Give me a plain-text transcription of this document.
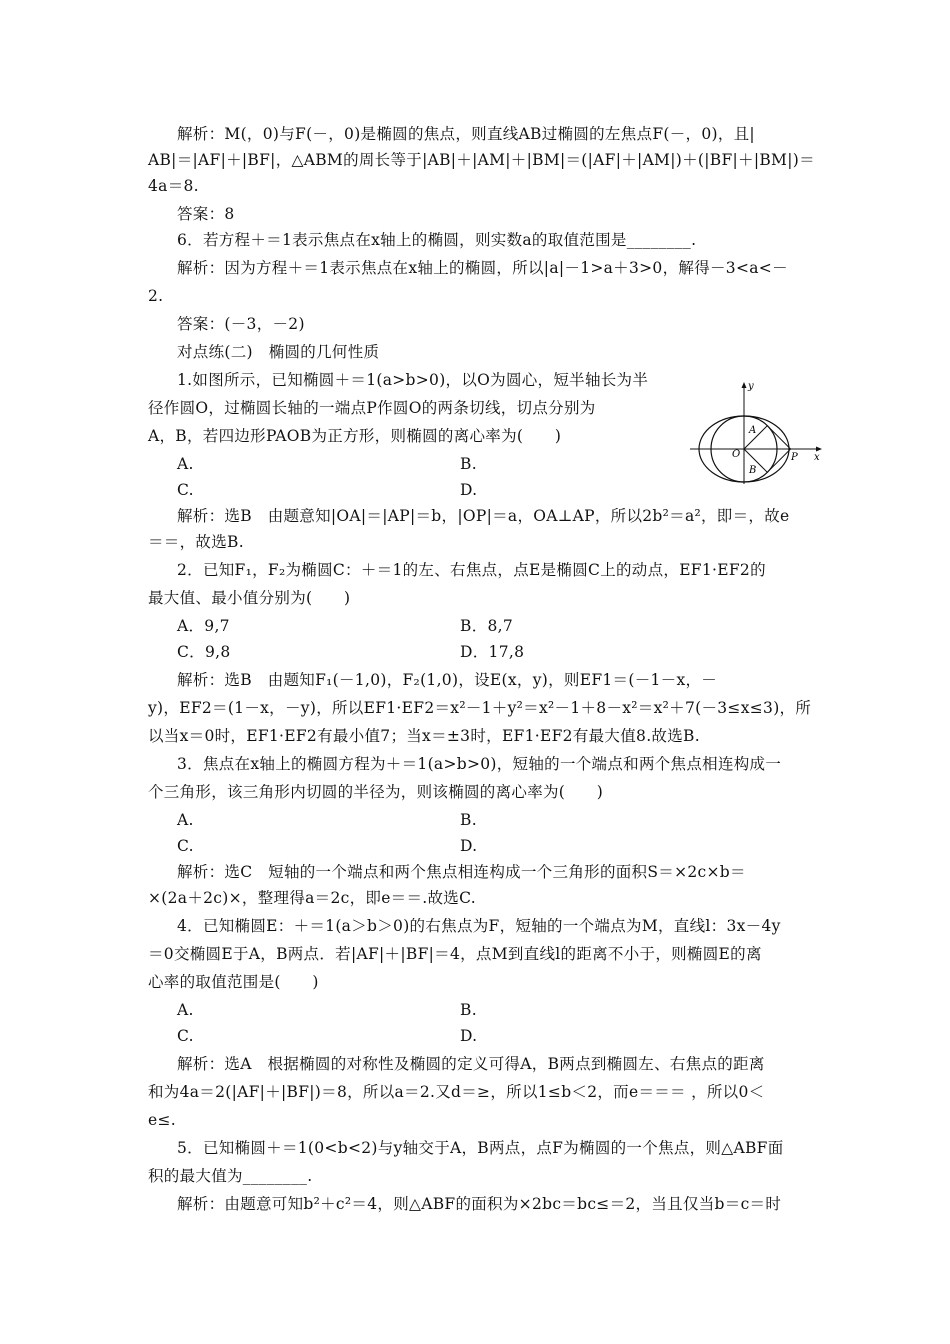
解析：M(，0)与F(－，0)是椭圆的焦点，则直线AB过椭圆的左焦点F(－，0)，且|
AB|＝|AF|＋|BF|，△ABM的周长等于|AB|＋|AM|＋|BM|＝(|AF|＋|AM|)＋(|BF|＋|BM|)＝
4a＝8.
答案：8
6．若方程＋＝1表示焦点在x轴上的椭圆，则实数a的取值范围是________.
解析：因为方程＋＝1表示焦点在x轴上的椭圆，所以|a|－1>a＋3>0，解得－3<a<－
2.
答案：(－3，－2)
对点练(二)　椭圆的几何性质
1.如图所示，已知椭圆＋＝1(a>b>0)，以O为圆心，短半轴长为半
径作圆O，过椭圆长轴的一端点P作圆O的两条切线，切点分别为
A，B，若四边形PAOB为正方形，则椭圆的离心率为(　　)
A.
C.
解析：选B　由题意知|OA|＝|AP|＝b，|OP|＝a，OA⊥AP，所以2b²＝a²，即＝，故e
＝＝，故选B.
2．已知F₁，F₂为椭圆C：＋＝1的左、右焦点，点E是椭圆C上的动点，EF1·EF2的
最大值、最小值分别为(　　)
A．9,7
C．9,8
解析：选B　由题知F₁(－1,0)，F₂(1,0)，设E(x，y)，则EF1＝(－1－x，－
y)，EF2＝(1－x，－y)，所以EF1·EF2＝x²－1＋y²＝x²－1＋8－x²＝x²＋7(－3≤x≤3)，所
以当x＝0时，EF1·EF2有最小值7；当x＝±3时，EF1·EF2有最大值8.故选B.
3．焦点在x轴上的椭圆方程为＋＝1(a>b>0)，短轴的一个端点和两个焦点相连构成一
个三角形，该三角形内切圆的半径为，则该椭圆的离心率为(　　)
A.
C.
解析：选C　短轴的一个端点和两个焦点相连构成一个三角形的面积S＝×2c×b＝
×(2a＋2c)×，整理得a＝2c，即e＝＝.故选C.
4．已知椭圆E：＋＝1(a＞b＞0)的右焦点为F，短轴的一个端点为M，直线l：3x－4y
＝0交椭圆E于A，B两点．若|AF|＋|BF|＝4，点M到直线l的距离不小于，则椭圆E的离
心率的取值范围是(　　)
A.
C.
解析：选A　根据椭圆的对称性及椭圆的定义可得A，B两点到椭圆左、右焦点的距离
和为4a＝2(|AF|＋|BF|)＝8，所以a＝2.又d＝≥，所以1≤b＜2，而e＝＝＝ ，所以0＜
e≤.
5．已知椭圆＋＝1(0<b<2)与y轴交于A，B两点，点F为椭圆的一个焦点，则△ABF面
积的最大值为________.
解析：由题意可知b²＋c²＝4，则△ABF的面积为×2bc＝bc≤＝2，当且仅当b＝c＝时
B.
D.
B．8,7
D．17,8
B.
D.
B.
D.
y
x
A
B
O	P
